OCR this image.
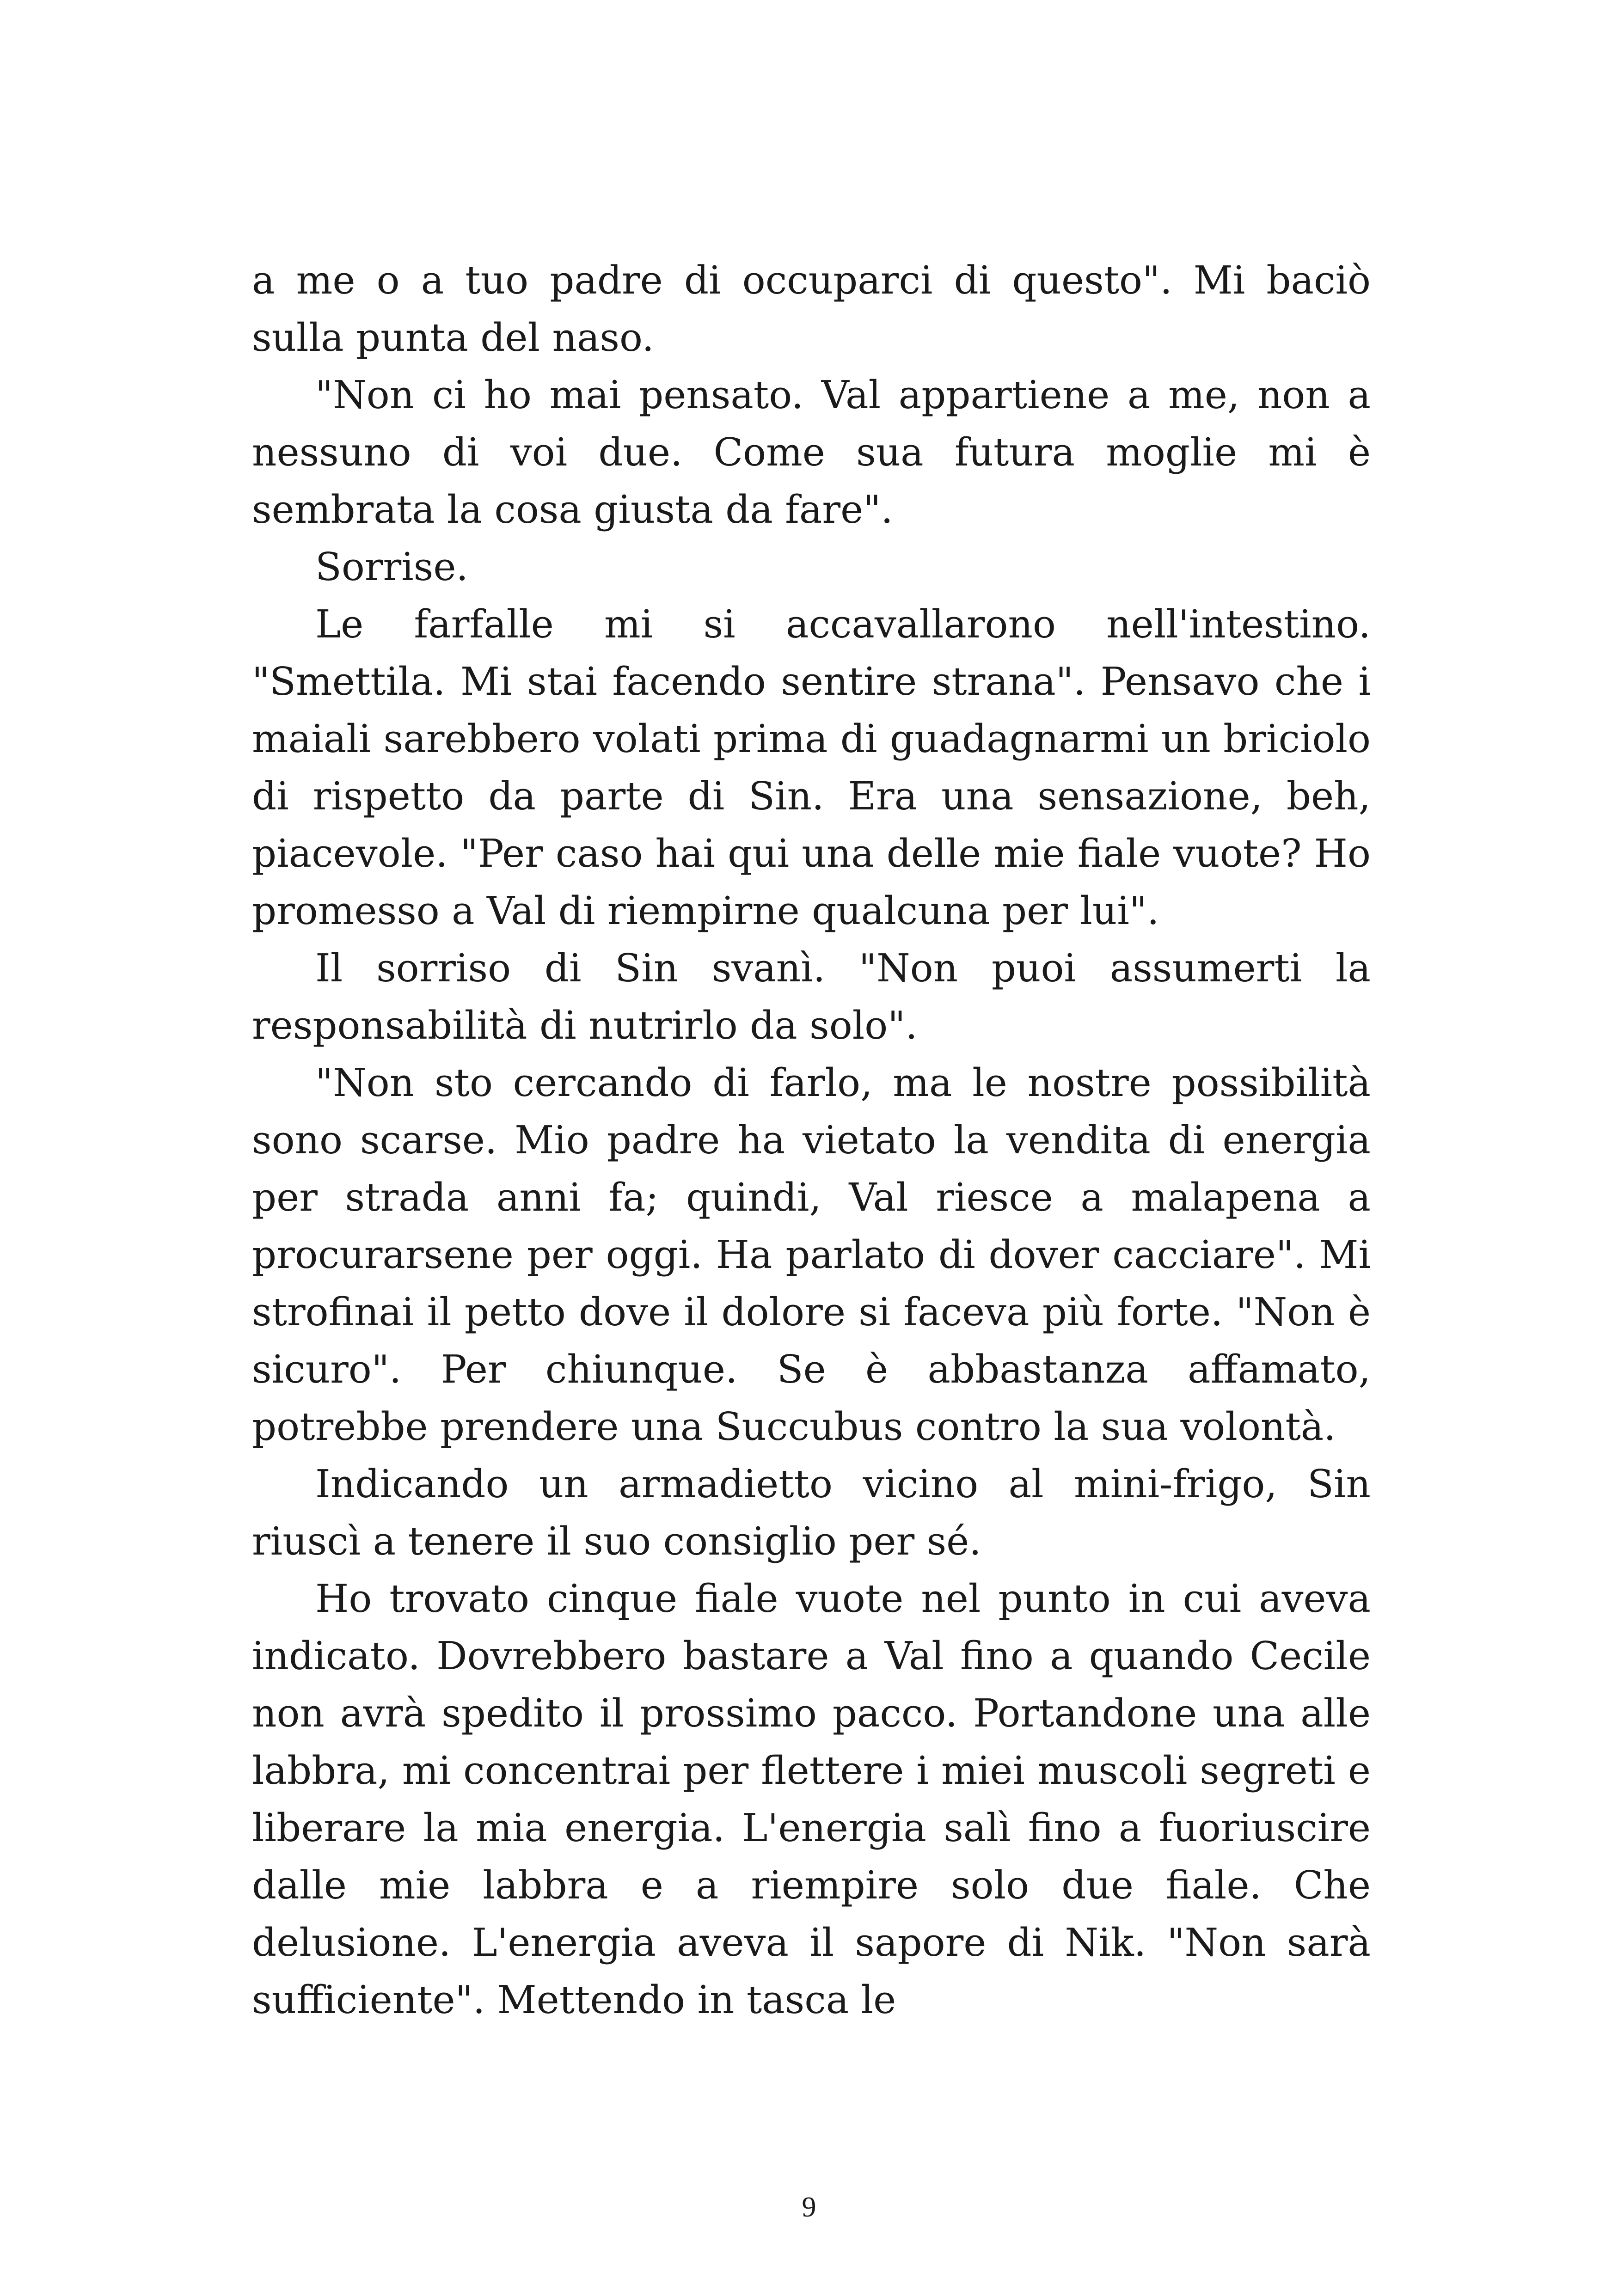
a me o a tuo padre di occuparci di questo". Mi baciò sulla punta del naso.

"Non ci ho mai pensato. Val appartiene a me, non a nessuno di voi due. Come sua futura moglie mi è sembrata la cosa giusta da fare".

Sorrise.

Le farfalle mi si accavallarono nell'intestino. "Smettila. Mi stai facendo sentire strana". Pensavo che i maiali sarebbero volati prima di guadagnarmi un briciolo di rispetto da parte di Sin. Era una sensazione, beh, piacevole. "Per caso hai qui una delle mie fiale vuote? Ho promesso a Val di riempirne qualcuna per lui".

Il sorriso di Sin svanì. "Non puoi assumerti la responsabilità di nutrirlo da solo".

"Non sto cercando di farlo, ma le nostre possibilità sono scarse. Mio padre ha vietato la vendita di energia per strada anni fa; quindi, Val riesce a malapena a procurarsene per oggi. Ha parlato di dover cacciare". Mi strofinai il petto dove il dolore si faceva più forte. "Non è sicuro". Per chiunque. Se è abbastanza affamato, potrebbe prendere una Succubus contro la sua volontà.

Indicando un armadietto vicino al mini-frigo, Sin riuscì a tenere il suo consiglio per sé.

Ho trovato cinque fiale vuote nel punto in cui aveva indicato. Dovrebbero bastare a Val fino a quando Cecile non avrà spedito il prossimo pacco. Portandone una alle labbra, mi concentrai per flettere i miei muscoli segreti e liberare la mia energia. L'energia salì fino a fuoriuscire dalle mie labbra e a riempire solo due fiale. Che delusione. L'energia aveva il sapore di Nik. "Non sarà sufficiente". Mettendo in tasca le

9
